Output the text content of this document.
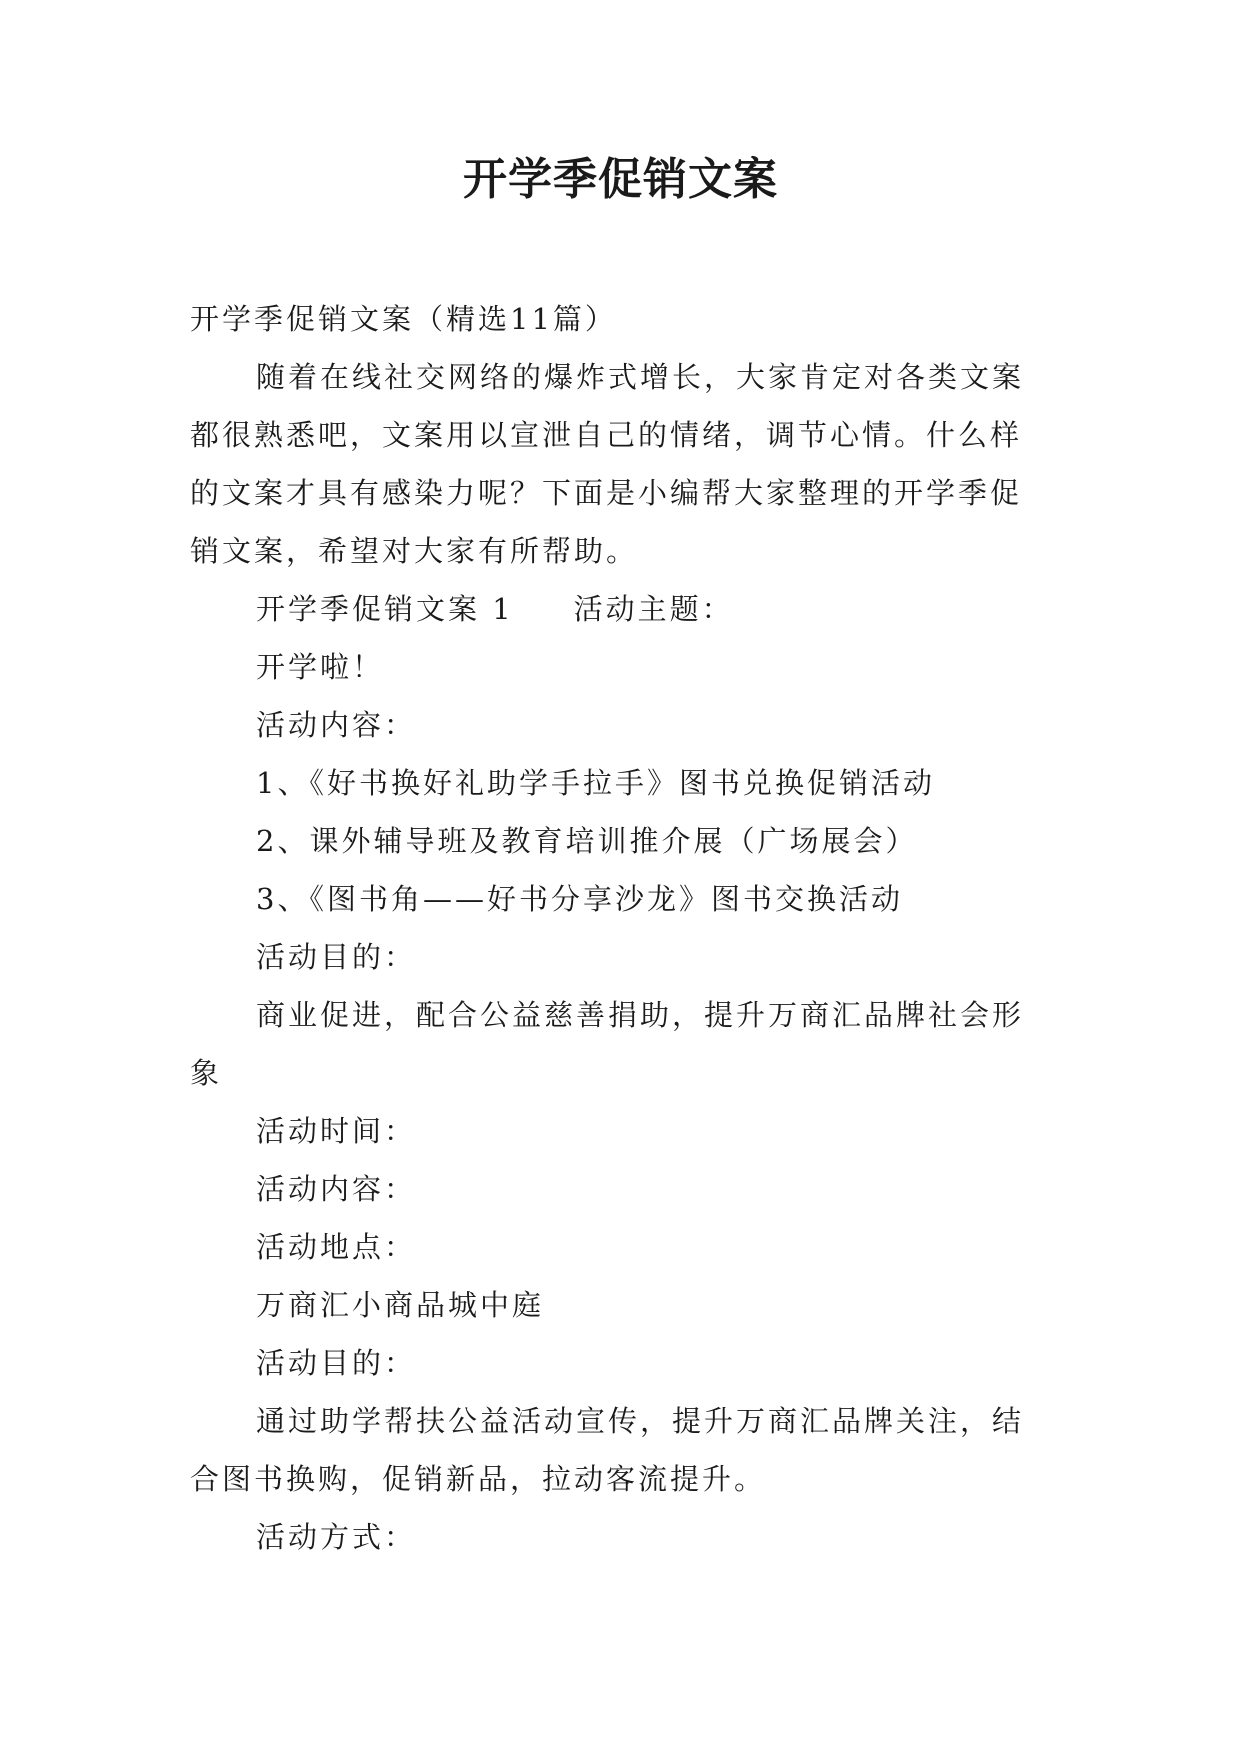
开学季促销文案

开学季促销文案（精选11篇）

随着在线社交网络的爆炸式增长，大家肯定对各类文案都很熟悉吧，文案用以宣泄自己的情绪，调节心情。什么样的文案才具有感染力呢？下面是小编帮大家整理的开学季促销文案，希望对大家有所帮助。

开学季促销文案 1 活动主题：

开学啦！

活动内容：

1、《好书换好礼助学手拉手》图书兑换促销活动

2、课外辅导班及教育培训推介展（广场展会）

3、《图书角——好书分享沙龙》图书交换活动

活动目的：

商业促进，配合公益慈善捐助，提升万商汇品牌社会形象

活动时间：

活动内容：

活动地点：

万商汇小商品城中庭

活动目的：

通过助学帮扶公益活动宣传，提升万商汇品牌关注，结合图书换购，促销新品，拉动客流提升。

活动方式：
